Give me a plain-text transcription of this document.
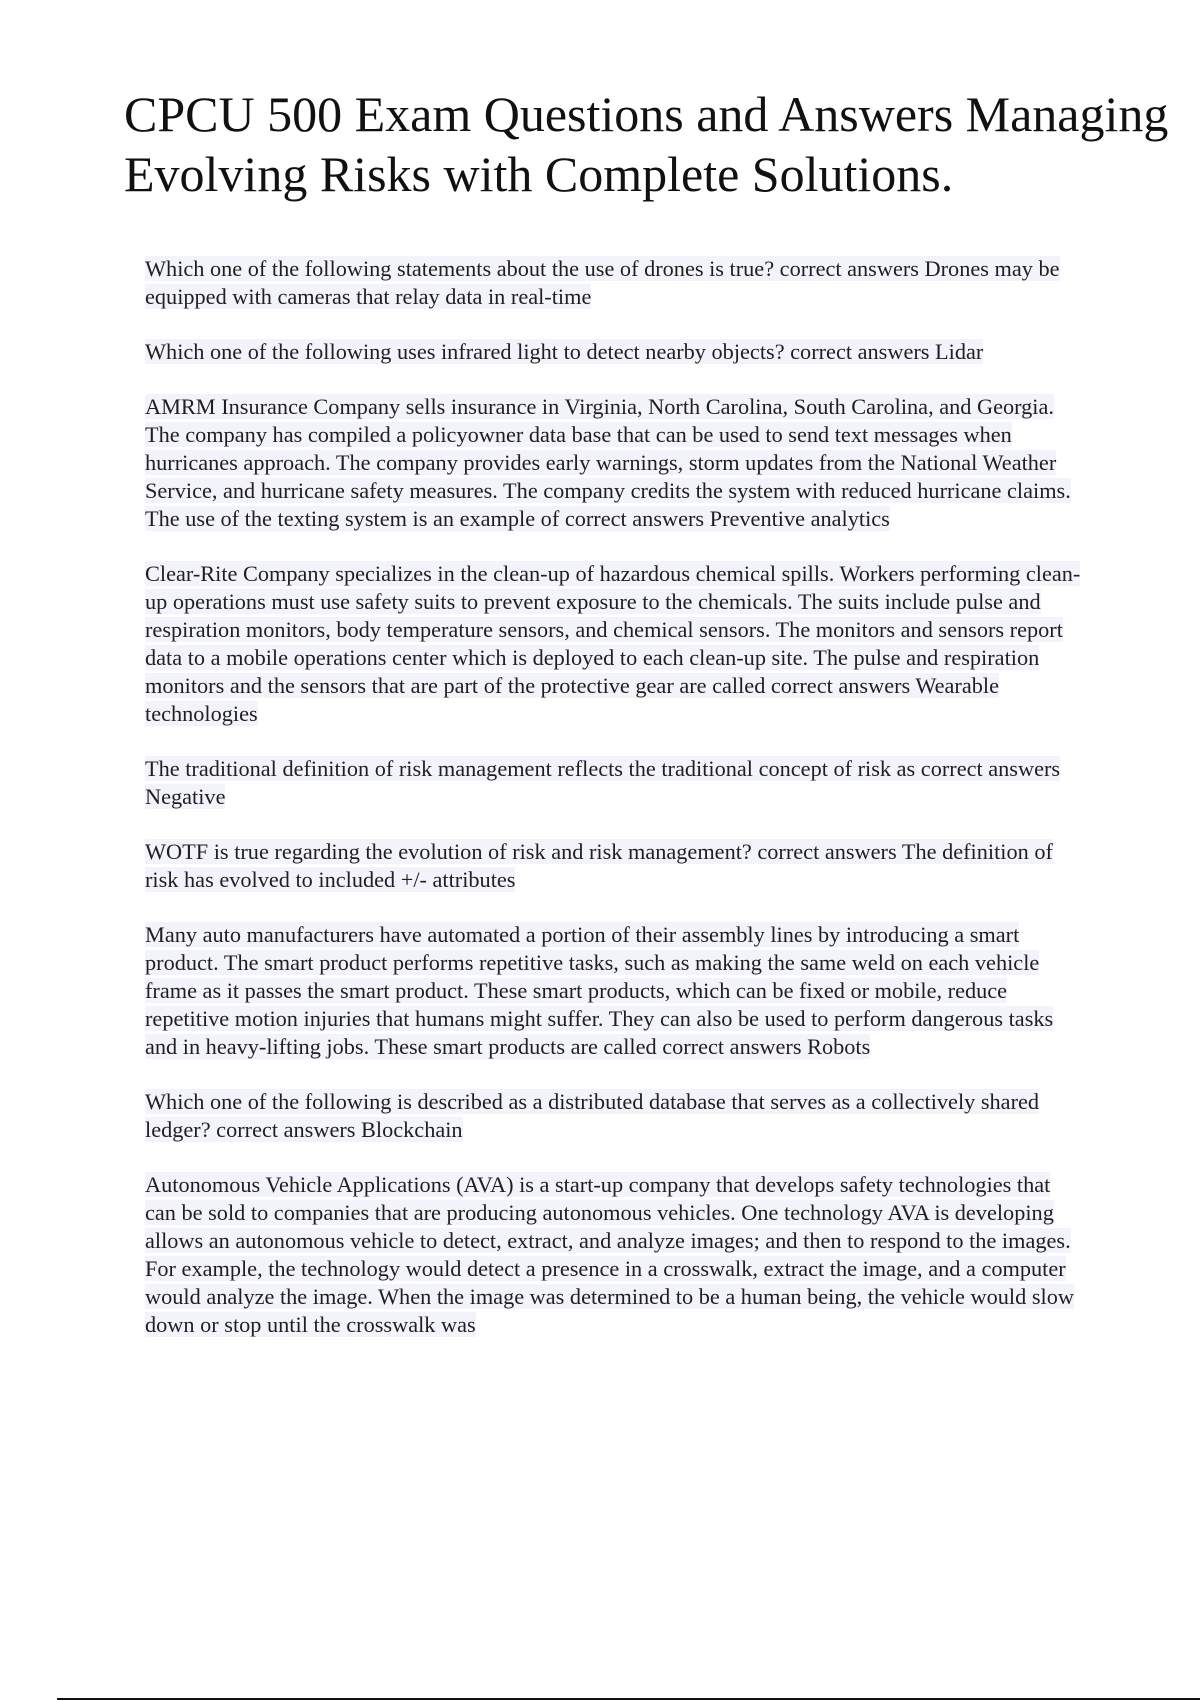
CPCU 500 Exam Questions and Answers Managing
Evolving Risks with Complete Solutions.

Which one of the following statements about the use of drones is true? correct answers Drones may be equipped with cameras that relay data in real-time

Which one of the following uses infrared light to detect nearby objects? correct answers Lidar

AMRM Insurance Company sells insurance in Virginia, North Carolina, South Carolina, and Georgia. The company has compiled a policyowner data base that can be used to send text messages when hurricanes approach. The company provides early warnings, storm updates from the National Weather Service, and hurricane safety measures. The company credits the system with reduced hurricane claims. The use of the texting system is an example of correct answers Preventive analytics

Clear-Rite Company specializes in the clean-up of hazardous chemical spills. Workers performing clean-up operations must use safety suits to prevent exposure to the chemicals. The suits include pulse and respiration monitors, body temperature sensors, and chemical sensors. The monitors and sensors report data to a mobile operations center which is deployed to each clean-up site. The pulse and respiration monitors and the sensors that are part of the protective gear are called correct answers Wearable technologies

The traditional definition of risk management reflects the traditional concept of risk as correct answers Negative

WOTF is true regarding the evolution of risk and risk management? correct answers The definition of risk has evolved to included +/- attributes

Many auto manufacturers have automated a portion of their assembly lines by introducing a smart product. The smart product performs repetitive tasks, such as making the same weld on each vehicle frame as it passes the smart product. These smart products, which can be fixed or mobile, reduce repetitive motion injuries that humans might suffer. They can also be used to perform dangerous tasks and in heavy-lifting jobs. These smart products are called correct answers Robots

Which one of the following is described as a distributed database that serves as a collectively shared ledger? correct answers Blockchain

Autonomous Vehicle Applications (AVA) is a start-up company that develops safety technologies that can be sold to companies that are producing autonomous vehicles. One technology AVA is developing allows an autonomous vehicle to detect, extract, and analyze images; and then to respond to the images. For example, the technology would detect a presence in a crosswalk, extract the image, and a computer would analyze the image. When the image was determined to be a human being, the vehicle would slow down or stop until the crosswalk was
